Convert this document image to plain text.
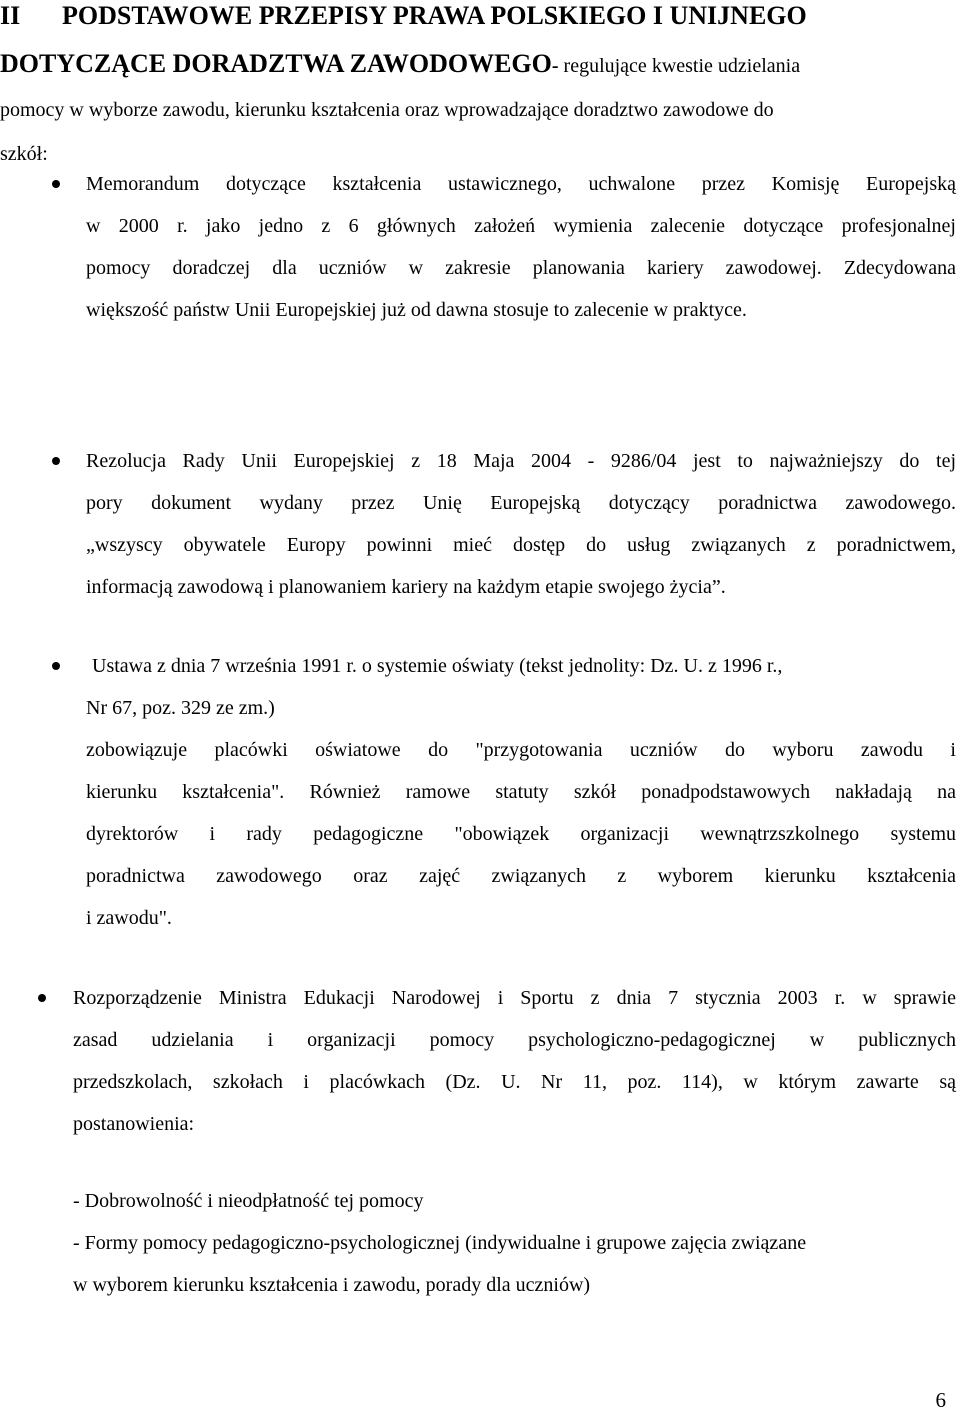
II PODSTAWOWE PRZEPISY PRAWA POLSKIEGO I UNIJNEGO
DOTYCZĄCE DORADZTWA ZAWODOWEGO- regulujące kwestie udzielania
pomocy w wyborze zawodu, kierunku kształcenia oraz wprowadzające doradztwo zawodowe do
szkół:
Memorandum dotyczące kształcenia ustawicznego, uchwalone przez Komisję Europejską
w 2000 r. jako jedno z 6 głównych założeń wymienia zalecenie dotyczące profesjonalnej
pomocy doradczej dla uczniów w zakresie planowania kariery zawodowej. Zdecydowana
większość państw Unii Europejskiej już od dawna stosuje to zalecenie w praktyce.
Rezolucja Rady Unii Europejskiej z 18 Maja 2004 - 9286/04 jest to najważniejszy do tej
pory dokument wydany przez Unię Europejską dotyczący poradnictwa zawodowego.
„wszyscy obywatele Europy powinni mieć dostęp do usług związanych z poradnictwem,
informacją zawodową i planowaniem kariery na każdym etapie swojego życia”.
Ustawa z dnia 7 września 1991 r. o systemie oświaty (tekst jednolity: Dz. U. z 1996 r.,
Nr 67, poz. 329 ze zm.)
zobowiązuje placówki oświatowe do "przygotowania uczniów do wyboru zawodu i
kierunku kształcenia". Również ramowe statuty szkół ponadpodstawowych nakładają na
dyrektorów i rady pedagogiczne "obowiązek organizacji wewnątrzszkolnego systemu
poradnictwa zawodowego oraz zajęć związanych z wyborem kierunku kształcenia
i zawodu".
Rozporządzenie Ministra Edukacji Narodowej i Sportu z dnia 7 stycznia 2003 r. w sprawie
zasad udzielania i organizacji pomocy psychologiczno-pedagogicznej w publicznych
przedszkolach, szkołach i placówkach (Dz. U. Nr 11, poz. 114), w którym zawarte są
postanowienia:
- Dobrowolność i nieodpłatność tej pomocy
- Formy pomocy pedagogiczno-psychologicznej (indywidualne i grupowe zajęcia związane
w wyborem kierunku kształcenia i zawodu, porady dla uczniów)
6
